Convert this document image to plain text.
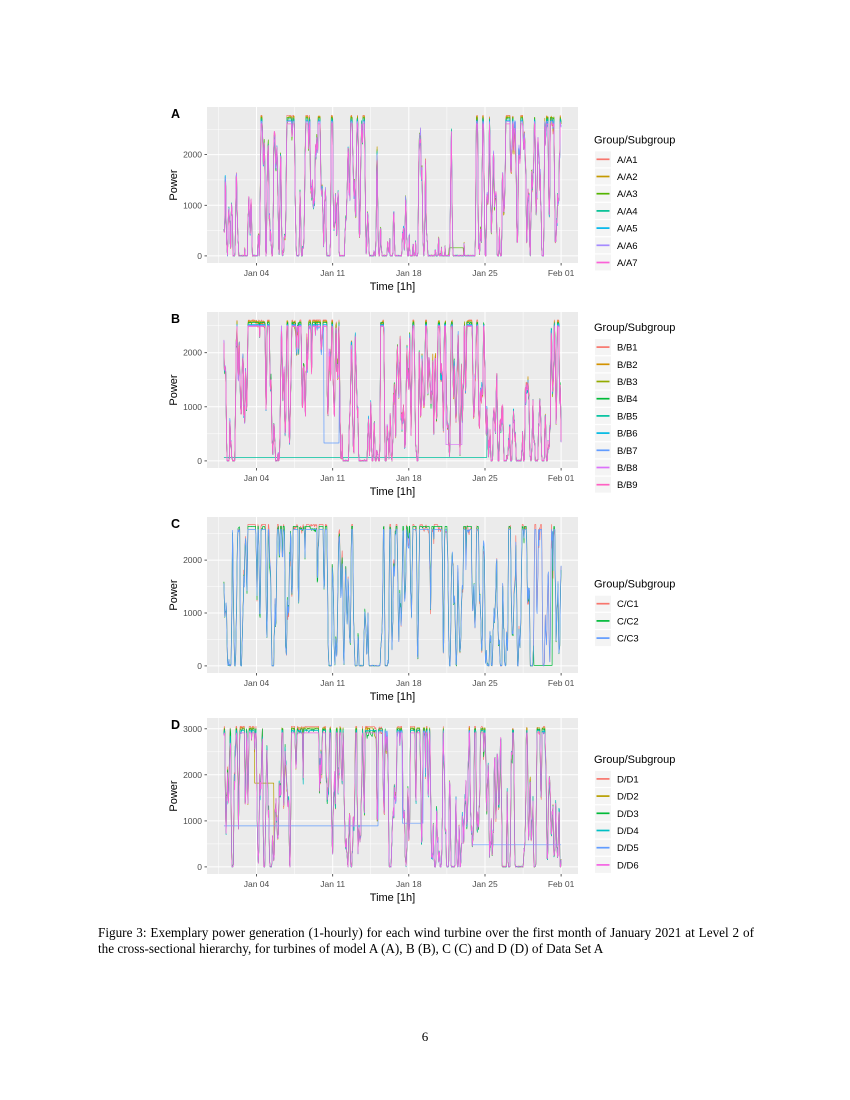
0
1000
2000
Jan 04	Jan 11	Jan 18	Jan 25	Feb 01
Time [1h]
Power
A
Group/Subgroup
A/A1
A/A2
A/A3
A/A4
A/A5
A/A6
A/A7
0
1000
2000
Jan 04	Jan 11	Jan 18	Jan 25	Feb 01
Time [1h]
Power
B
Group/Subgroup
B/B1
B/B2
B/B3
B/B4
B/B5
B/B6
B/B7
B/B8
B/B9
0
1000
2000
Jan 04	Jan 11	Jan 18	Jan 25	Feb 01
Time [1h]
Power
C
Group/Subgroup
C/C1
C/C2
C/C3
0
1000
2000
3000
Jan 04	Jan 11	Jan 18	Jan 25	Feb 01
Time [1h]
Power
D
Group/Subgroup
D/D1
D/D2
D/D3
D/D4
D/D5
D/D6
Figure 3: Exemplary power generation (1-hourly) for each wind turbine over the first month of January 2021 at Level 2 of the cross-sectional hierarchy, for turbines of model A (A), B (B), C (C) and D (D) of Data Set A
6
